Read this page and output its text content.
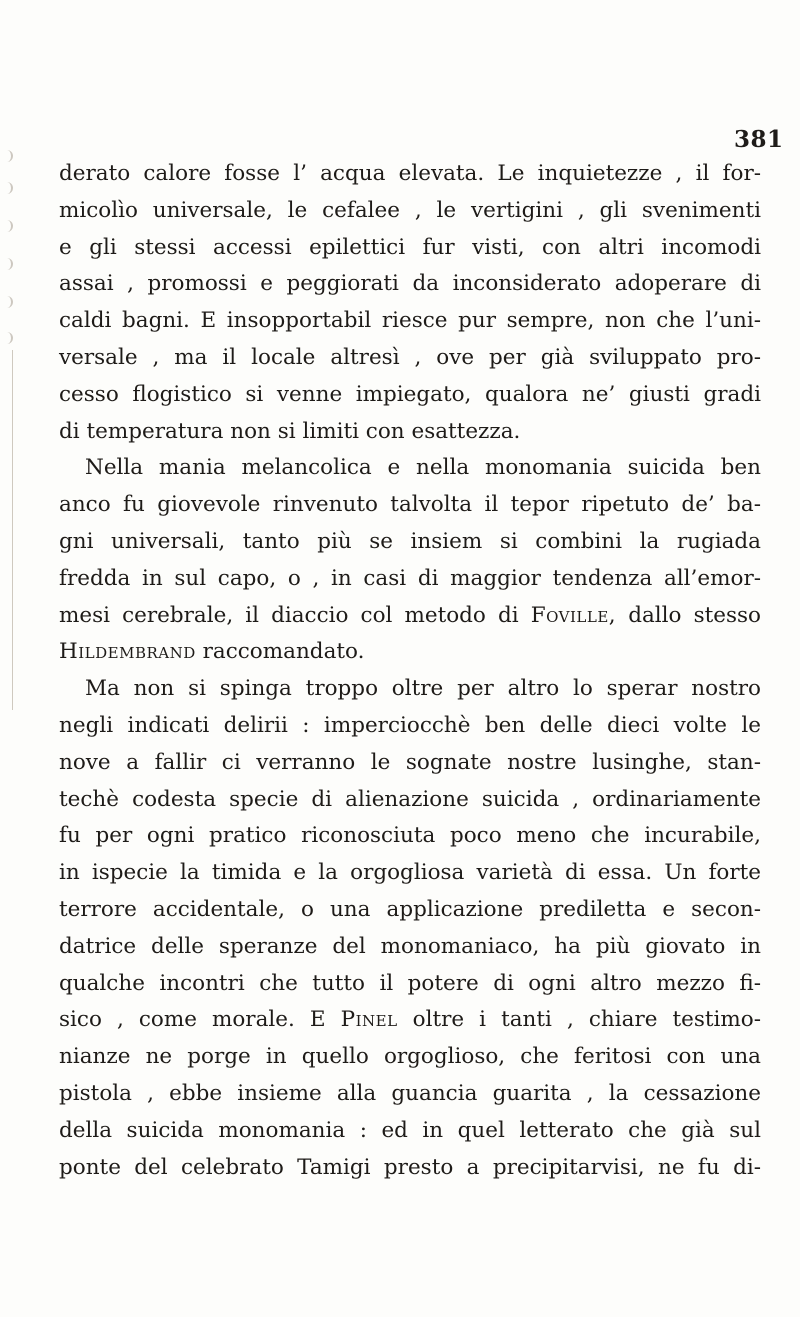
381
derato calore fosse l’ acqua elevata. Le inquietezze , il for-
micolìo universale, le cefalee , le vertigini , gli svenimenti
e gli stessi accessi epilettici fur visti, con altri incomodi
assai , promossi e peggiorati da inconsiderato adoperare di
caldi bagni. E insopportabil riesce pur sempre, non che l’uni-
versale , ma il locale altresì , ove per già sviluppato pro-
cesso flogistico si venne impiegato, qualora ne’ giusti gradi
di temperatura non si limiti con esattezza.
Nella mania melancolica e nella monomania suicida ben
anco fu giovevole rinvenuto talvolta il tepor ripetuto de’ ba-
gni universali, tanto più se insiem si combini la rugiada
fredda in sul capo, o , in casi di maggior tendenza all’emor-
mesi cerebrale, il diaccio col metodo di Foville, dallo stesso
Hildembrand raccomandato.
Ma non si spinga troppo oltre per altro lo sperar nostro
negli indicati delirii : imperciocchè ben delle dieci volte le
nove a fallir ci verranno le sognate nostre lusinghe, stan-
techè codesta specie di alienazione suicida , ordinariamente
fu per ogni pratico riconosciuta poco meno che incurabile,
in ispecie la timida e la orgogliosa varietà di essa. Un forte
terrore accidentale, o una applicazione prediletta e secon-
datrice delle speranze del monomaniaco, ha più giovato in
qualche incontri che tutto il potere di ogni altro mezzo fi-
sico , come morale. E Pinel oltre i tanti , chiare testimo-
nianze ne porge in quello orgoglioso, che feritosi con una
pistola , ebbe insieme alla guancia guarita , la cessazione
della suicida monomania : ed in quel letterato che già sul
ponte del celebrato Tamigi presto a precipitarvisi, ne fu di-
